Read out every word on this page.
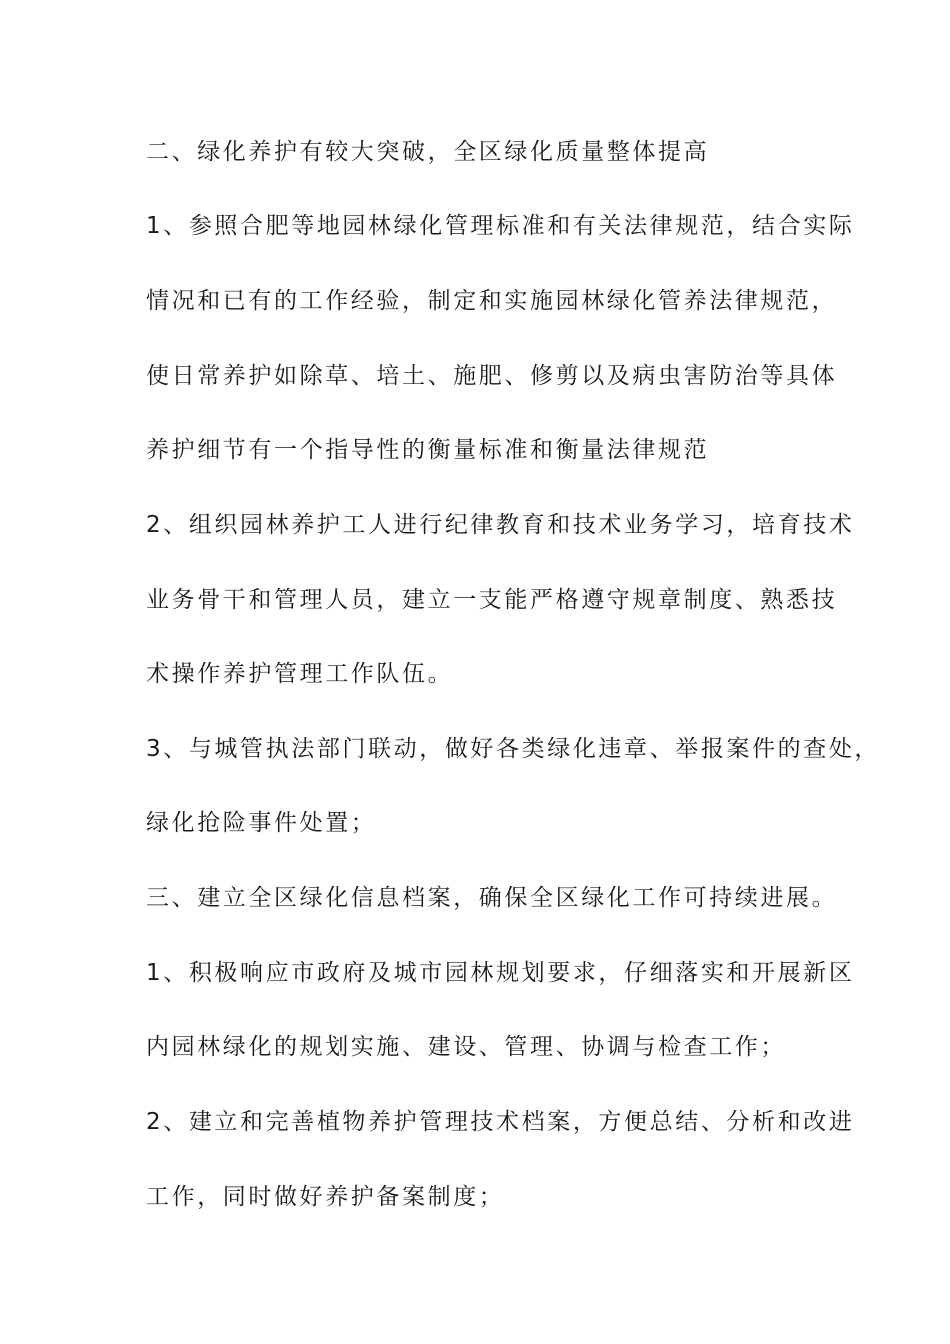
二、绿化养护有较大突破，全区绿化质量整体提高

1、参照合肥等地园林绿化管理标准和有关法律规范，结合实际

情况和已有的工作经验，制定和实施园林绿化管养法律规范，

使日常养护如除草、培土、施肥、修剪以及病虫害防治等具体

养护细节有一个指导性的衡量标准和衡量法律规范

2、组织园林养护工人进行纪律教育和技术业务学习，培育技术

业务骨干和管理人员，建立一支能严格遵守规章制度、熟悉技

术操作养护管理工作队伍。

3、与城管执法部门联动，做好各类绿化违章、举报案件的查处，

绿化抢险事件处置；

三、建立全区绿化信息档案，确保全区绿化工作可持续进展。

1、积极响应市政府及城市园林规划要求，仔细落实和开展新区

内园林绿化的规划实施、建设、管理、协调与检查工作；

2、建立和完善植物养护管理技术档案，方便总结、分析和改进

工作，同时做好养护备案制度；
